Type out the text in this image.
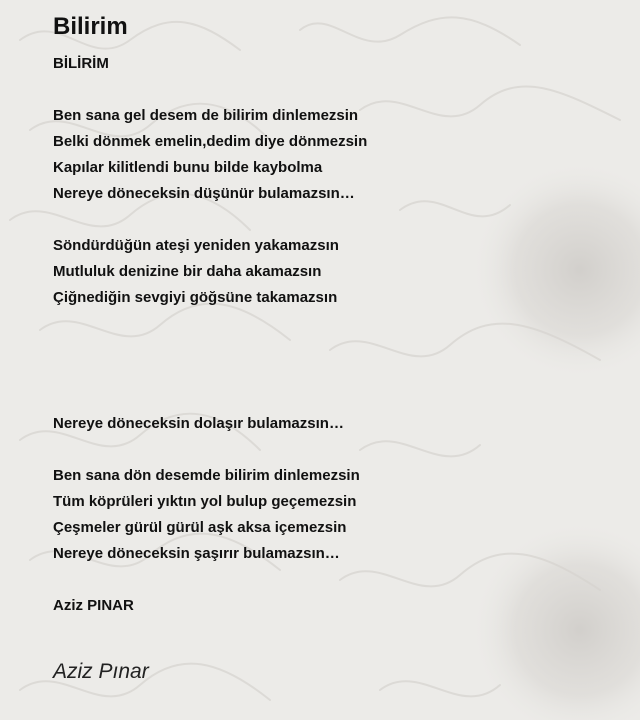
Bilirim

BİLİRİM

Ben sana gel desem de bilirim dinlemezsin

Belki dönmek emelin,dedim diye dönmezsin

Kapılar kilitlendi bunu bilde kaybolma

Nereye döneceksin düşünür bulamazsın…

Söndürdüğün ateşi yeniden yakamazsın

Mutluluk denizine bir daha akamazsın

Çiğnediğin sevgiyi göğsüne takamazsın

Nereye döneceksin dolaşır bulamazsın…

Ben sana dön desemde bilirim dinlemezsin

Tüm köprüleri yıktın yol bulup geçemezsin

Çeşmeler gürül gürül aşk aksa içemezsin

Nereye döneceksin şaşırır bulamazsın…

Aziz PINAR

Aziz Pınar
